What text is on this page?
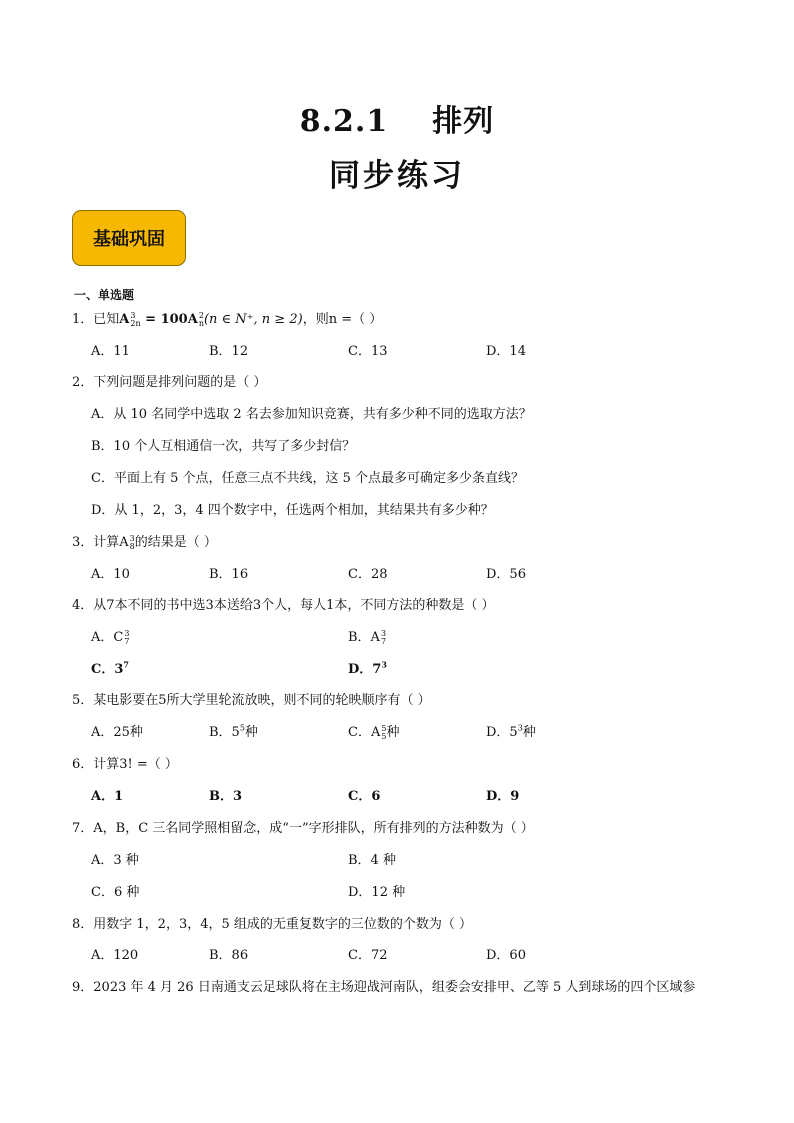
8.2.1 排列
同步练习
基础巩固
一、单选题
1．已知A 3
2n = 100A 2
n (n ∈ N⁺, n ≥ 2)，则n =（ ）
A．11	B．12	C．13	D．14
2．下列问题是排列问题的是（ ）
A．从 10 名同学中选取 2 名去参加知识竞赛，共有多少种不同的选取方法？
B．10 个人互相通信一次，共写了多少封信？
C．平面上有 5 个点，任意三点不共线，这 5 个点最多可确定多少条直线？
D．从 1，2，3，4 四个数字中，任选两个相加，其结果共有多少种？
3．计算A 3
8 的结果是（ ）
A．10	B．16	C．28	D．56
4．从7本不同的书中选3本送给3个人，每人1本，不同方法的种数是（ ）
A．C 3
7	B．A 3
7
C．$3^7$	D．$7^3$
5．某电影要在5所大学里轮流放映，则不同的轮映顺序有（ ）
A．25种	B．$5^5$种	C．A 5
5 种	D．$5^3$种
6．计算3! =（ ）
A．1	B．3	C．6	D．9
7．A，B，C 三名同学照相留念，成“一”字形排队，所有排列的方法种数为（ ）
A．3 种	B．4 种
C．6 种	D．12 种
8．用数字 1，2，3，4，5 组成的无重复数字的三位数的个数为（ ）
A．120	B．86	C．72	D．60
9．2023 年 4 月 26 日南通支云足球队将在主场迎战河南队，组委会安排甲、乙等 5 人到球场的四个区域参
